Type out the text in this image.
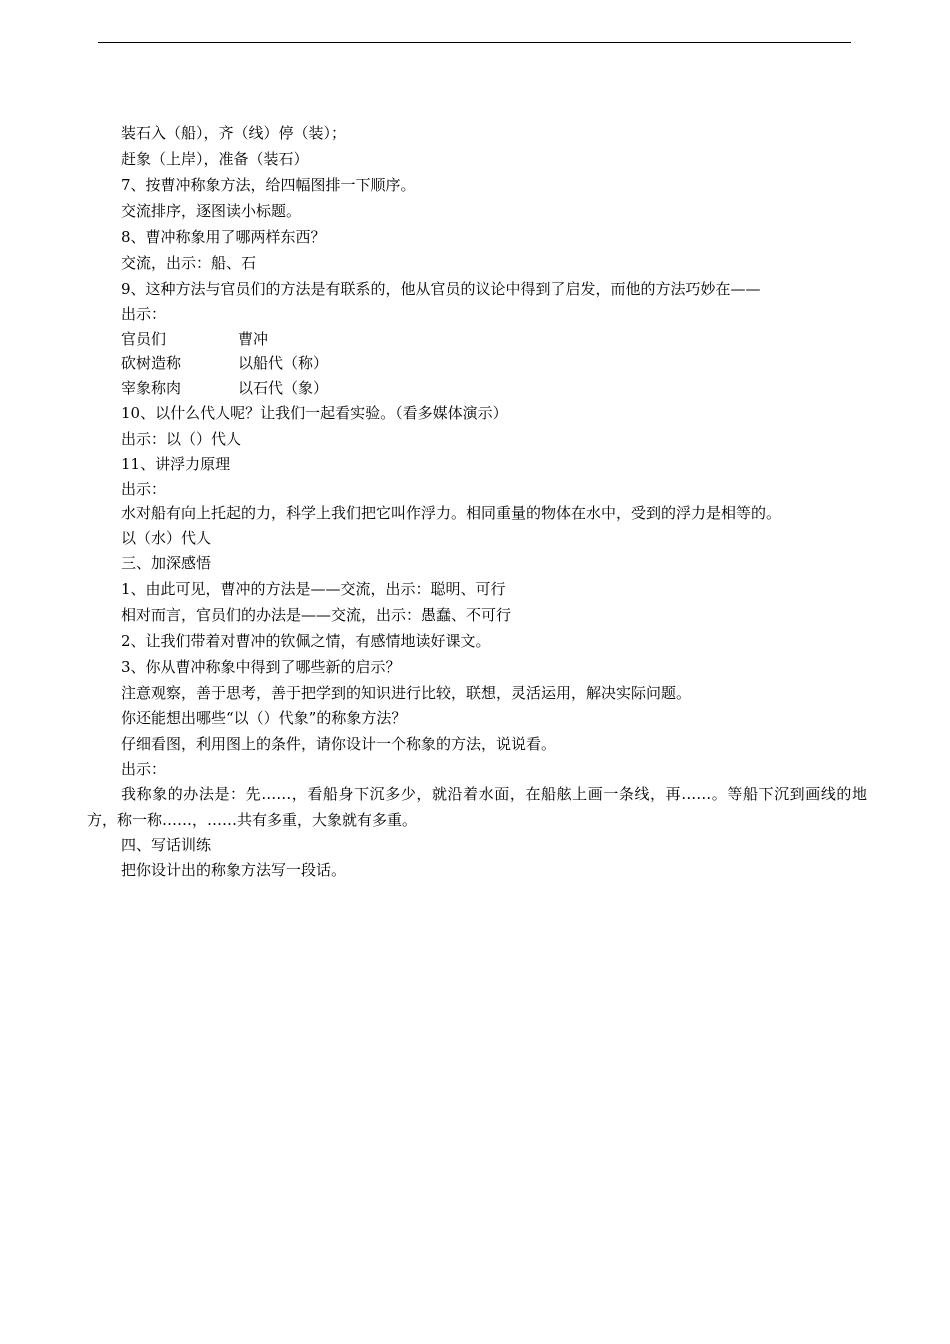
装石入（船），齐（线）停（装）；
赶象（上岸），准备（装石）
7、按曹冲称象方法，给四幅图排一下顺序。
交流排序，逐图读小标题。
8、曹冲称象用了哪两样东西？
交流，出示：船、石
9、这种方法与官员们的方法是有联系的，他从官员的议论中得到了启发，而他的方法巧妙在——
出示：
官员们	曹冲
砍树造称	以船代（称）
宰象称肉	以石代（象）
10、以什么代人呢？让我们一起看实验。（看多媒体演示）
出示：以（）代人
11、讲浮力原理
出示：
水对船有向上托起的力，科学上我们把它叫作浮力。相同重量的物体在水中，受到的浮力是相等的。
以（水）代人
三、加深感悟
1、由此可见，曹冲的方法是——交流，出示：聪明、可行
相对而言，官员们的办法是——交流，出示：愚蠢、不可行
2、让我们带着对曹冲的钦佩之情，有感情地读好课文。
3、你从曹冲称象中得到了哪些新的启示？
注意观察，善于思考，善于把学到的知识进行比较，联想，灵活运用，解决实际问题。
你还能想出哪些“以（）代象”的称象方法？
仔细看图，利用图上的条件，请你设计一个称象的方法，说说看。
出示：
我称象的办法是：先……，看船身下沉多少，就沿着水面，在船舷上画一条线，再……。等船下沉到画线的地方，称一称……，……共有多重，大象就有多重。
四、写话训练
把你设计出的称象方法写一段话。
